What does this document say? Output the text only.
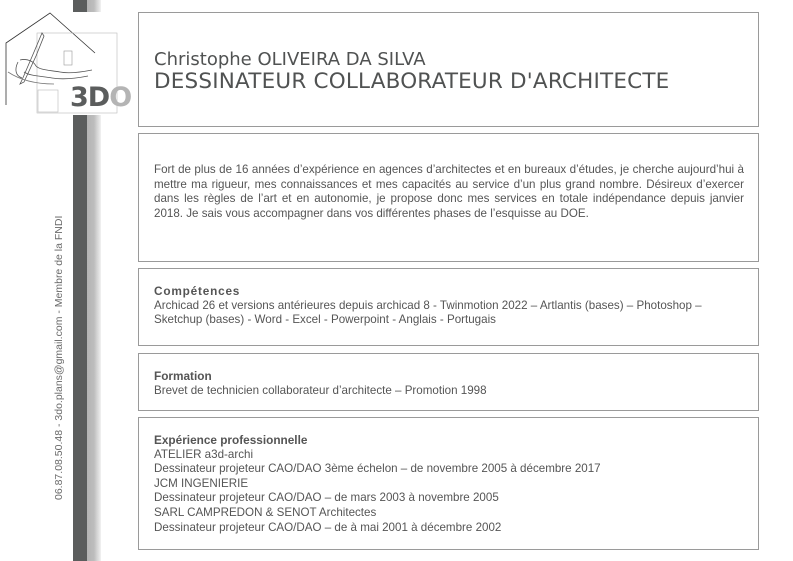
3DO
06.87.08.50.48 - 3do.plans@gmail.com - Membre de la FNDI
Christophe OLIVEIRA DA SILVA
DESSINATEUR COLLABORATEUR D'ARCHITECTE
Fort de plus de 16 années d’expérience en agences d’architectes et en bureaux d’études, je cherche aujourd’hui à mettre ma rigueur, mes connaissances et mes capacités au service d’un plus grand nombre. Désireux d’exercer dans les règles de l’art et en autonomie, je propose donc mes services en totale indépendance depuis janvier 2018. Je sais vous accompagner dans vos différentes phases de l’esquisse au DOE.
Compétences
Archicad 26 et versions antérieures depuis archicad 8 - Twinmotion 2022 – Artlantis (bases) – Photoshop – Sketchup (bases) - Word - Excel - Powerpoint - Anglais - Portugais
Formation
Brevet de technicien collaborateur d’architecte – Promotion 1998
Expérience professionnelle
ATELIER a3d-archi
Dessinateur projeteur CAO/DAO 3ème échelon – de novembre 2005 à décembre 2017
JCM INGENIERIE
Dessinateur projeteur CAO/DAO – de mars 2003 à novembre 2005
SARL CAMPREDON & SENOT Architectes
Dessinateur projeteur CAO/DAO – de à mai 2001 à décembre 2002
